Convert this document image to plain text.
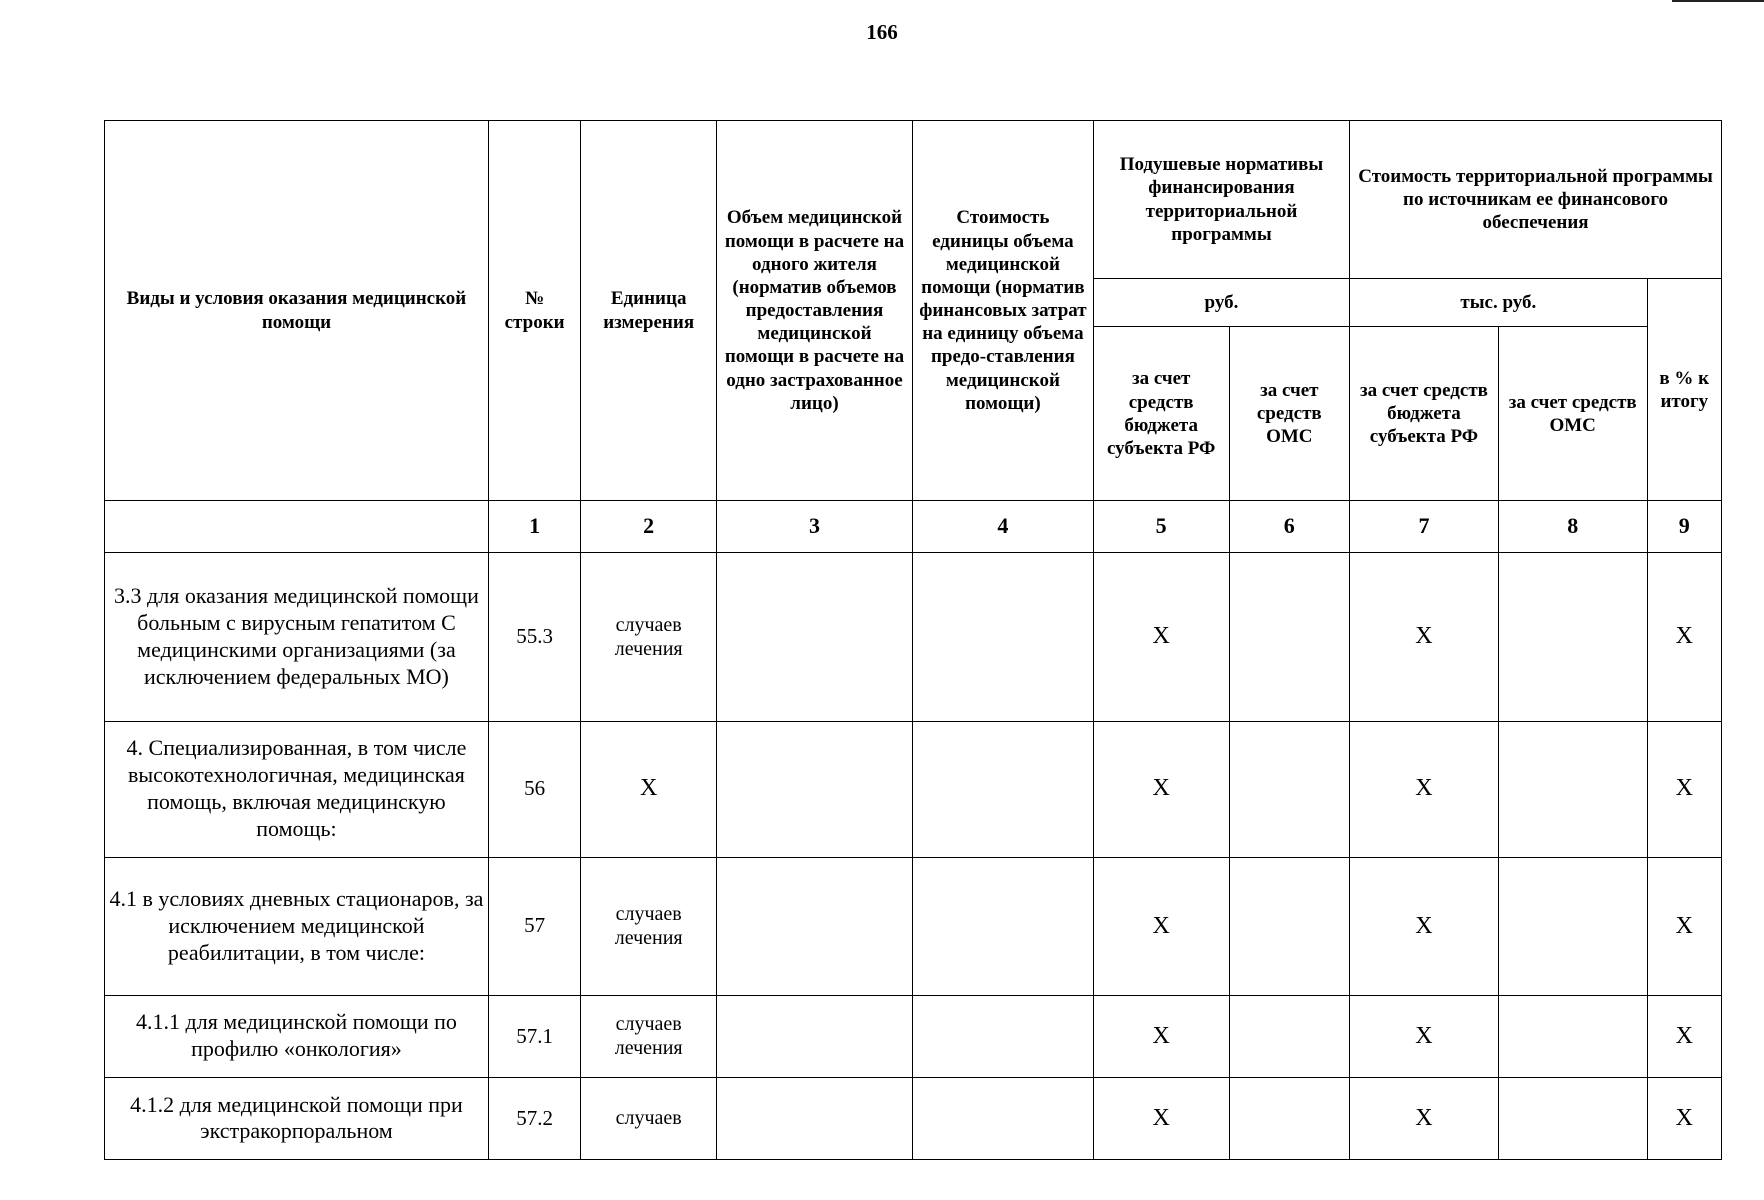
166
Виды и условия оказания медицинской помощи	№ строки	Единица измерения	Объем медицинской помощи в расчете на одного жителя (норматив объемов предоставления медицинской помощи в расчете на одно застрахованное лицо)	Стоимость единицы объема медицинской помощи (норматив финансовых затрат на единицу объема предо-ставления медицинской помощи)	Подушевые нормативы финансирования территориальной программы		Стоимость территориальной программы по источникам ее финансового обеспечения		
					руб.		тыс. руб.		в % к итогу
					за счет средств бюджета субъекта РФ	за счет средств ОМС	за счет средств бюджета субъекта РФ	за счет средств ОМС	
	1	2	3	4	5	6	7	8	9
3.3 для оказания медицинской помощи больным с вирусным гепатитом С медицинскими организациями (за исключением федеральных МО)	55.3	случаев лечения			Х		Х		Х
4. Специализированная, в том числе высокотехнологичная, медицинская помощь, включая медицинскую помощь:	56	Х			Х		Х		Х
4.1 в условиях дневных стационаров, за исключением медицинской реабилитации, в том числе:	57	случаев лечения			Х		Х		Х
4.1.1 для медицинской помощи по профилю «онкология»	57.1	случаев лечения			Х		Х		Х
4.1.2 для медицинской помощи при экстракорпоральном	57.2	случаев			Х		Х		Х
